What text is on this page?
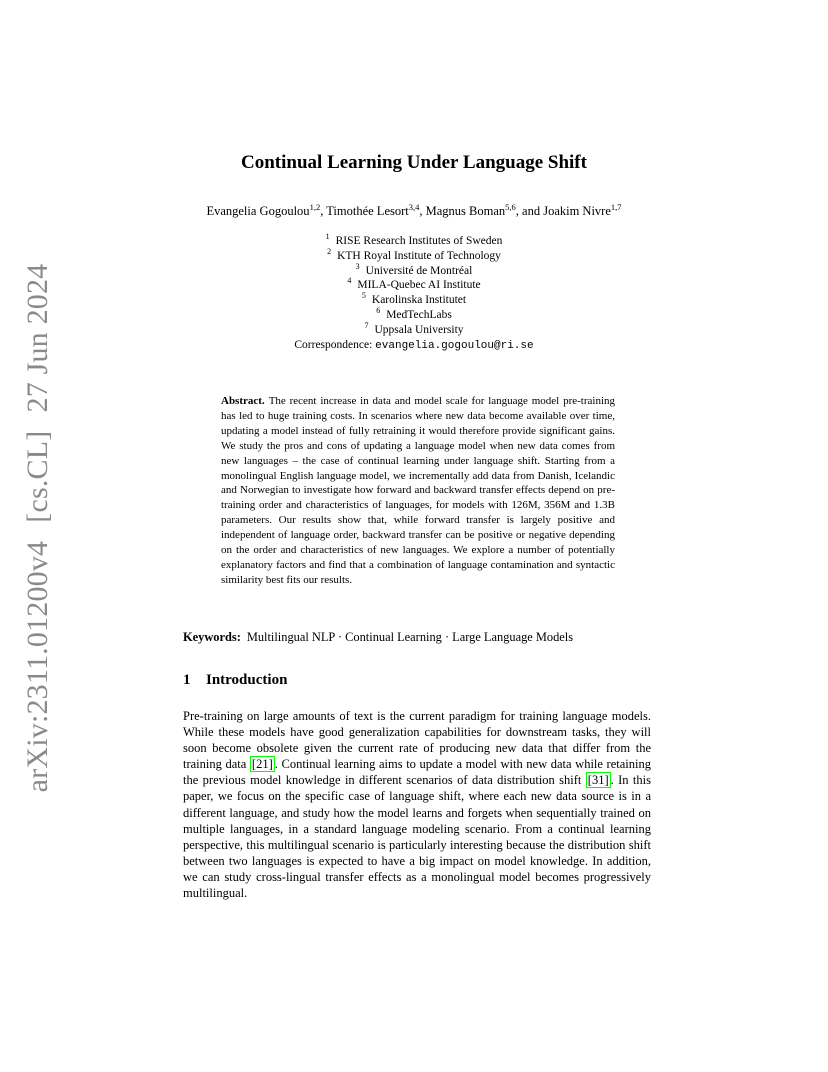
arXiv:2311.01200v4[cs.CL]27 Jun 2024
Continual Learning Under Language Shift
Evangelia Gogoulou$^{1,2}$, Timothée Lesort$^{3,4}$, Magnus Boman$^{5,6}$, and Joakim Nivre$^{1,7}$
$^1$ RISE Research Institutes of Sweden
$^2$ KTH Royal Institute of Technology
$^3$ Université de Montréal
$^4$ MILA-Quebec AI Institute
$^5$ Karolinska Institutet
$^6$ MedTechLabs
$^7$ Uppsala University
Correspondence: evangelia.gogoulou@ri.se
Abstract. The recent increase in data and model scale for language model pre-training has led to huge training costs. In scenarios where new data become available over time, updating a model instead of fully retraining it would therefore provide significant gains. We study the pros and cons of updating a language model when new data comes from new languages – the case of continual learning under language shift. Starting from a monolingual English language model, we incrementally add data from Danish, Icelandic and Norwegian to investigate how forward and backward transfer effects depend on pre-training order and characteristics of languages, for models with 126M, 356M and 1.3B parameters. Our results show that, while forward transfer is largely positive and independent of language order, backward transfer can be positive or negative depending on the order and characteristics of new languages. We explore a number of potentially explanatory factors and find that a combination of language contamination and syntactic similarity best fits our results.
Keywords: Multilingual NLP · Continual Learning · Large Language Models
1 Introduction
Pre-training on large amounts of text is the current paradigm for training language models. While these models have good generalization capabilities for downstream tasks, they will soon become obsolete given the current rate of producing new data that differ from the training data [21] . Continual learning aims to update a model with new data while retaining the previous model knowledge in different scenarios of data distribution shift [31] . In this paper, we focus on the specific case of language shift, where each new data source is in a different language, and study how the model learns and forgets when sequentially trained on multiple languages, in a standard language modeling scenario. From a continual learning perspective, this multilingual scenario is particularly interesting because the distribution shift between two languages is expected to have a big impact on model knowledge. In addition, we can study cross-lingual transfer effects as a monolingual model becomes progressively multilingual.
